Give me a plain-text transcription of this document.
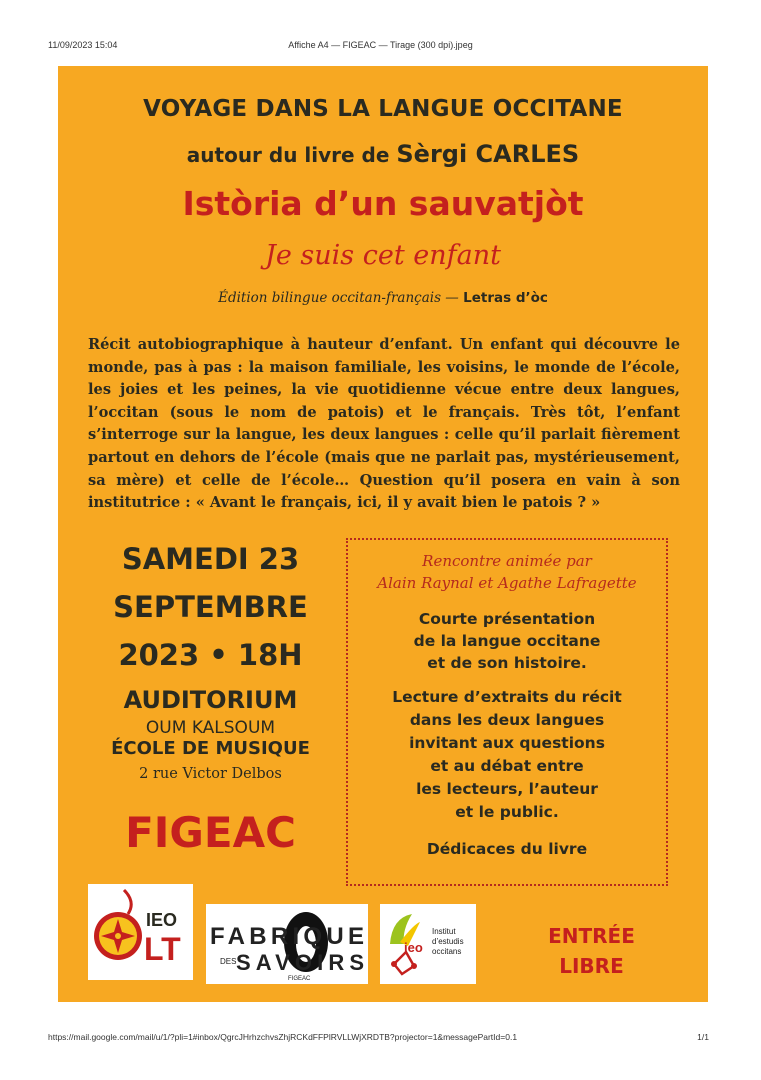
11/09/2023 15:04	Affiche A4 — FIGEAC — Tirage (300 dpi).jpeg
VOYAGE DANS LA LANGUE OCCITANE
autour du livre de Sèrgi CARLES
Istòria d’un sauvatjòt
Je suis cet enfant
Édition bilingue occitan-français — Letras d’òc
Récit autobiographique à hauteur d’enfant. Un enfant qui découvre le monde, pas à pas : la maison familiale, les voisins, le monde de l’école, les joies et les peines, la vie quotidienne vécue entre deux langues, l’occitan (sous le nom de patois) et le français. Très tôt, l’enfant s’interroge sur la langue, les deux langues : celle qu’il parlait fièrement partout en dehors de l’école (mais que ne parlait pas, mystérieusement, sa mère) et celle de l’école… Question qu’il posera en vain à son institutrice : « Avant le français, ici, il y avait bien le patois ? »
SAMEDI 23
SEPTEMBRE
2023 • 18H
AUDITORIUM
OUM KALSOUM
ÉCOLE DE MUSIQUE
2 rue Victor Delbos
FIGEAC
Rencontre animée par
Alain Raynal et Agathe Lafragette
Courte présentation
de la langue occitane
et de son histoire.
Lecture d’extraits du récit
dans les deux langues
invitant aux questions
et au débat entre
les lecteurs, l’auteur
et le public.
Dédicaces du livre
IEO
LT FABRIQUE
DES SAVOIRS
FIGEAC
ieo
Institut
d’estudis
occitans
ENTRÉE
LIBRE
https://mail.google.com/mail/u/1/?pli=1#inbox/QgrcJHrhzchvsZhjRCKdFFPlRVLLWjXRDTB?projector=1&messagePartId=0.1	1/1
